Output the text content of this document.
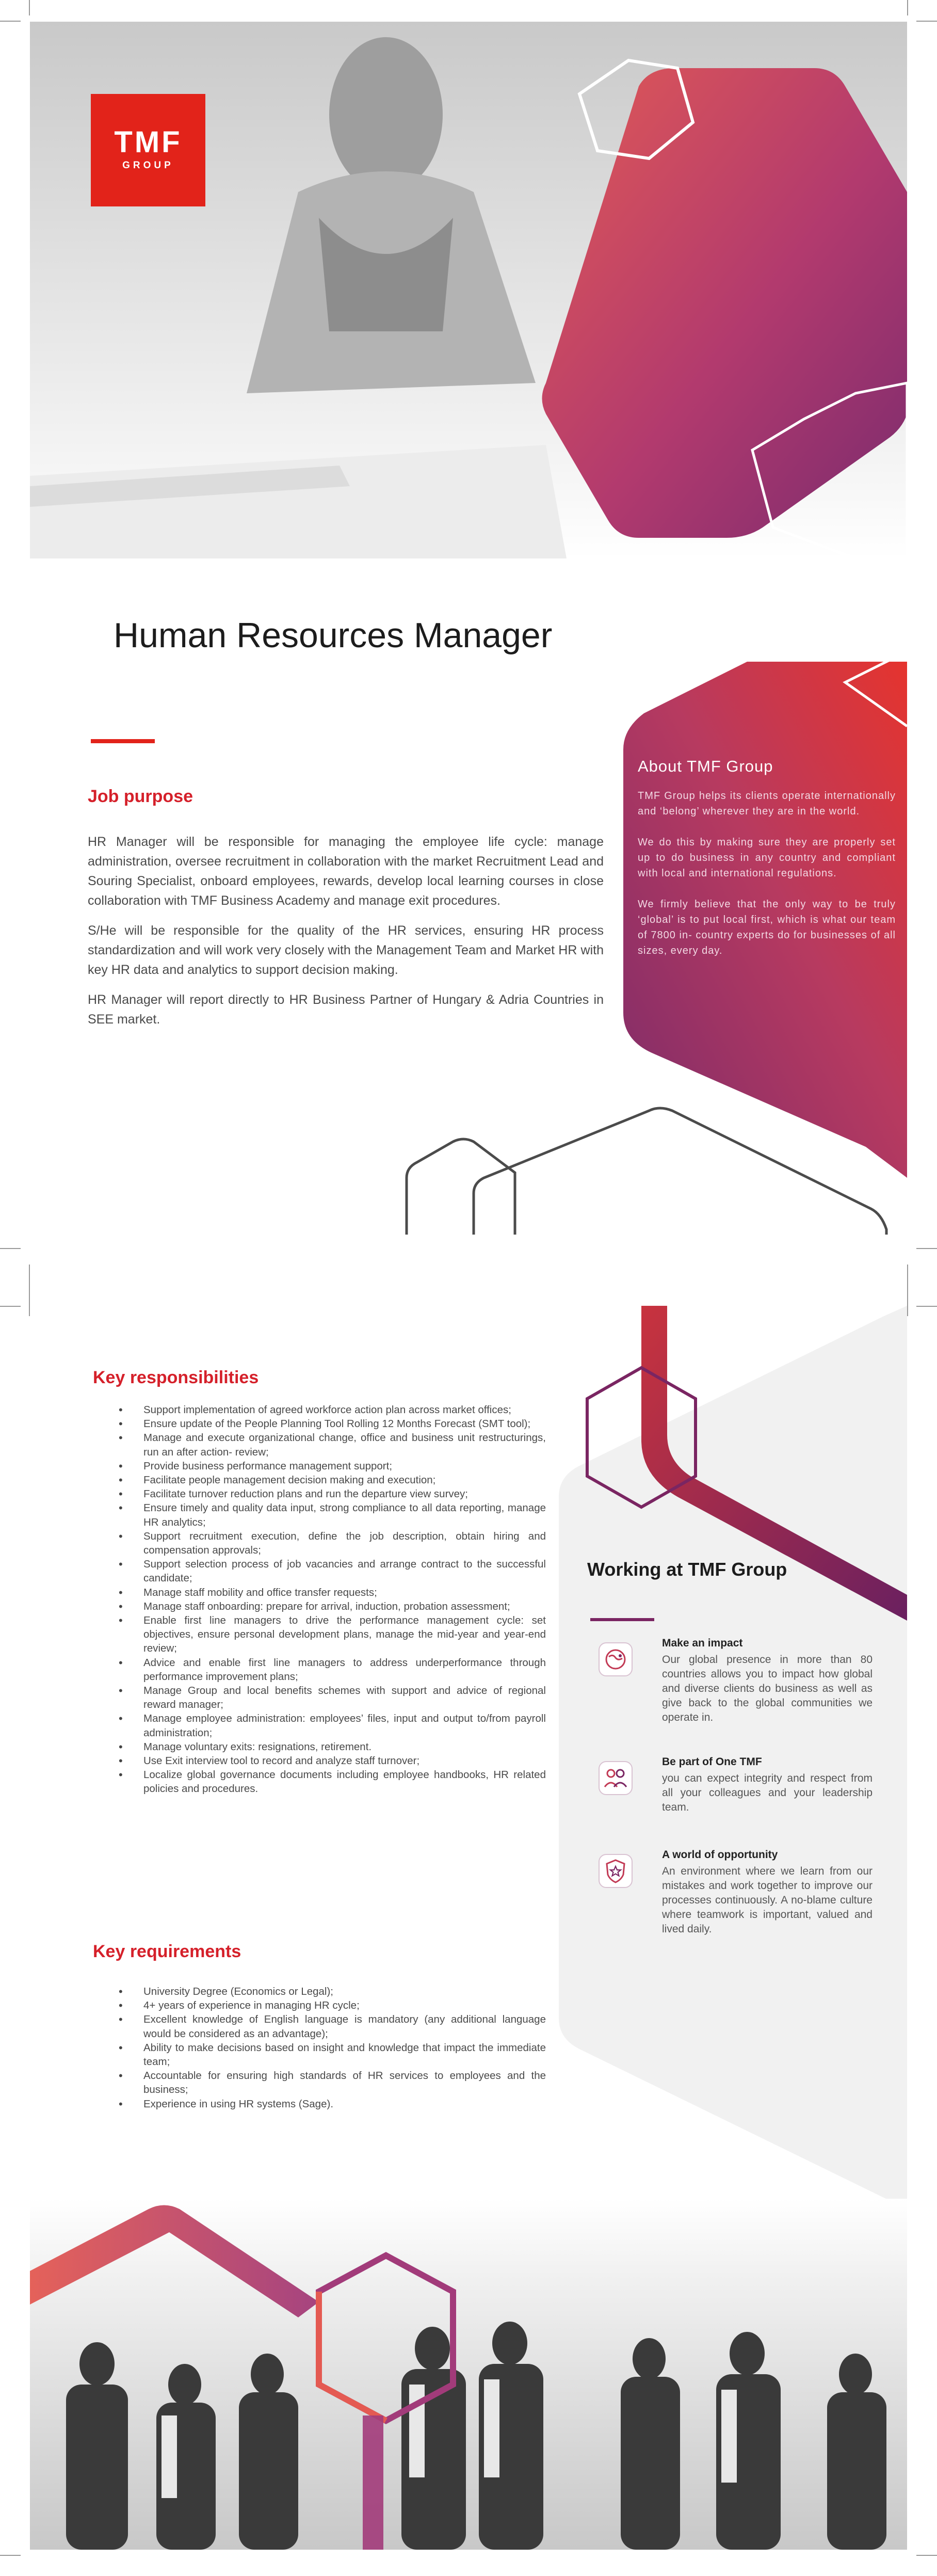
TMF
GROUP
Human Resources Manager
About TMF Group

TMF Group helps its clients operate internationally and ‘belong’ wherever they are in the world.

We do this by making sure they are properly set up to do business in any country and compliant with local and international regulations.

We firmly believe that the only way to be truly ‘global’ is to put local first, which is what our team of 7800 in- country experts do for businesses of all sizes, every day.

Job purpose

HR Manager will be responsible for managing the employee life cycle: manage administration, oversee recruitment in collaboration with the market Recruitment Lead and Souring Specialist, onboard employees, rewards, develop local learning courses in close collaboration with TMF Business Academy and manage exit procedures.

S/He will be responsible for the quality of the HR services, ensuring HR process standardization and will work very closely with the Management Team and Market HR with key HR data and analytics to support decision making.

HR Manager will report directly to HR Business Partner of Hungary & Adria Countries in SEE market.

Key responsibilities
• Support implementation of agreed workforce action plan across market offices;
• Ensure update of the People Planning Tool Rolling 12 Months Forecast (SMT tool);
• Manage and execute organizational change, office and business unit restructurings, run an after action- review;
• Provide business performance management support;
• Facilitate people management decision making and execution;
• Facilitate turnover reduction plans and run the departure view survey;
• Ensure timely and quality data input, strong compliance to all data reporting, manage HR analytics;
• Support recruitment execution, define the job description, obtain hiring and compensation approvals;
• Support selection process of job vacancies and arrange contract to the successful candidate;
• Manage staff mobility and office transfer requests;
• Manage staff onboarding: prepare for arrival, induction, probation assessment;
• Enable first line managers to drive the performance management cycle: set objectives, ensure personal development plans, manage the mid-year and year-end review;
• Advice and enable first line managers to address underperformance through performance improvement plans;
• Manage Group and local benefits schemes with support and advice of regional reward manager;
• Manage employee administration: employees’ files, input and output to/from payroll administration;
• Manage voluntary exits: resignations, retirement.
• Use Exit interview tool to record and analyze staff turnover;
• Localize global governance documents including employee handbooks, HR related policies and procedures.
Key requirements
• University Degree (Economics or Legal);
• 4+ years of experience in managing HR cycle;
• Excellent knowledge of English language is mandatory (any additional language would be considered as an advantage);
• Ability to make decisions based on insight and knowledge that impact the immediate team;
• Accountable for ensuring high standards of HR services to employees and the business;
• Experience in using HR systems (Sage).
Working at TMF Group
Make an impact

Our global presence in more than 80 countries allows you to impact how global and diverse clients do business as well as give back to the global communities we operate in.

Be part of One TMF

you can expect integrity and respect from all your colleagues and your leadership team.

A world of opportunity

An environment where we learn from our mistakes and work together to improve our processes continuously. A no-blame culture where teamwork is important, valued and lived daily.
